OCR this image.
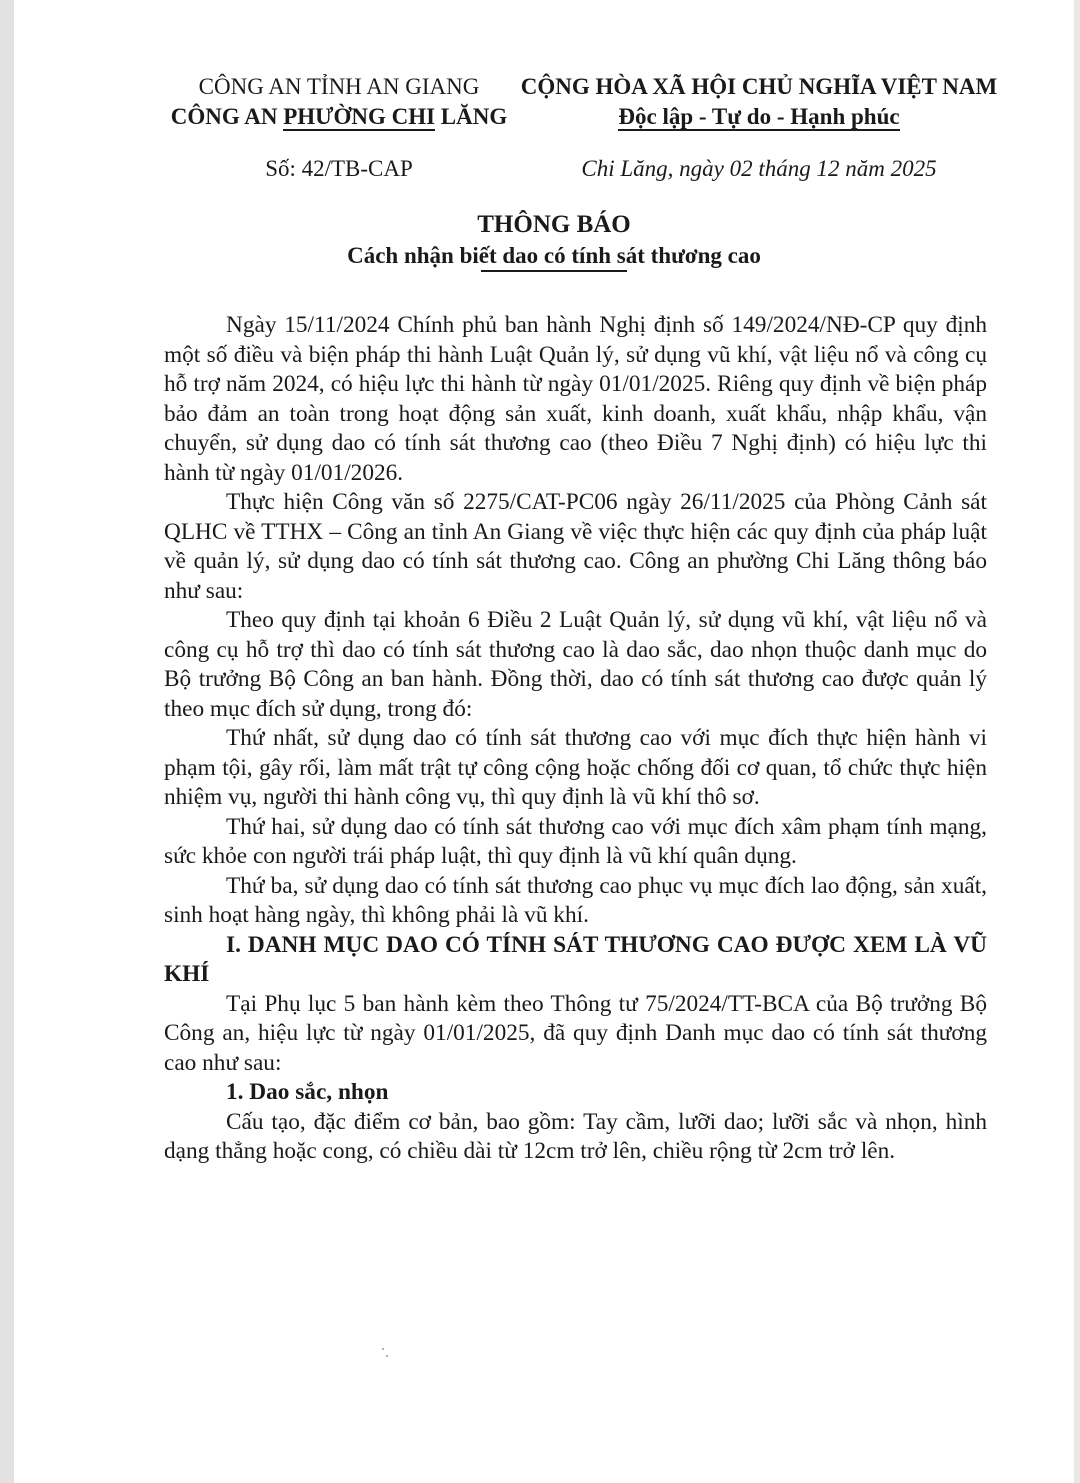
CÔNG AN TỈNH AN GIANG
CÔNG AN PHƯỜNG CHI LĂNG
Số: 42/TB-CAP
CỘNG HÒA XÃ HỘI CHỦ NGHĨA VIỆT NAM
Độc lập - Tự do - Hạnh phúc
Chi Lăng, ngày 02 tháng 12 năm 2025
THÔNG BÁO
Cách nhận biết dao có tính sát thương cao

Ngày 15/11/2024 Chính phủ ban hành Nghị định số 149/2024/NĐ-CP quy định một số điều và biện pháp thi hành Luật Quản lý, sử dụng vũ khí, vật liệu nổ và công cụ hỗ trợ năm 2024, có hiệu lực thi hành từ ngày 01/01/2025. Riêng quy định về biện pháp bảo đảm an toàn trong hoạt động sản xuất, kinh doanh, xuất khẩu, nhập khẩu, vận chuyển, sử dụng dao có tính sát thương cao (theo Điều 7 Nghị định) có hiệu lực thi hành từ ngày 01/01/2026.

Thực hiện Công văn số 2275/CAT-PC06 ngày 26/11/2025 của Phòng Cảnh sát QLHC về TTHX – Công an tỉnh An Giang về việc thực hiện các quy định của pháp luật về quản lý, sử dụng dao có tính sát thương cao. Công an phường Chi Lăng thông báo như sau:

Theo quy định tại khoản 6 Điều 2 Luật Quản lý, sử dụng vũ khí, vật liệu nổ và công cụ hỗ trợ thì dao có tính sát thương cao là dao sắc, dao nhọn thuộc danh mục do Bộ trưởng Bộ Công an ban hành. Đồng thời, dao có tính sát thương cao được quản lý theo mục đích sử dụng, trong đó:

Thứ nhất, sử dụng dao có tính sát thương cao với mục đích thực hiện hành vi phạm tội, gây rối, làm mất trật tự công cộng hoặc chống đối cơ quan, tổ chức thực hiện nhiệm vụ, người thi hành công vụ, thì quy định là vũ khí thô sơ.

Thứ hai, sử dụng dao có tính sát thương cao với mục đích xâm phạm tính mạng, sức khỏe con người trái pháp luật, thì quy định là vũ khí quân dụng.

Thứ ba, sử dụng dao có tính sát thương cao phục vụ mục đích lao động, sản xuất, sinh hoạt hàng ngày, thì không phải là vũ khí.

I. DANH MỤC DAO CÓ TÍNH SÁT THƯƠNG CAO ĐƯỢC XEM LÀ VŨ KHÍ

Tại Phụ lục 5 ban hành kèm theo Thông tư 75/2024/TT-BCA của Bộ trưởng Bộ Công an, hiệu lực từ ngày 01/01/2025, đã quy định Danh mục dao có tính sát thương cao như sau:

1. Dao sắc, nhọn

Cấu tạo, đặc điểm cơ bản, bao gồm: Tay cầm, lưỡi dao; lưỡi sắc và nhọn, hình dạng thẳng hoặc cong, có chiều dài từ 12cm trở lên, chiều rộng từ 2cm trở lên.
